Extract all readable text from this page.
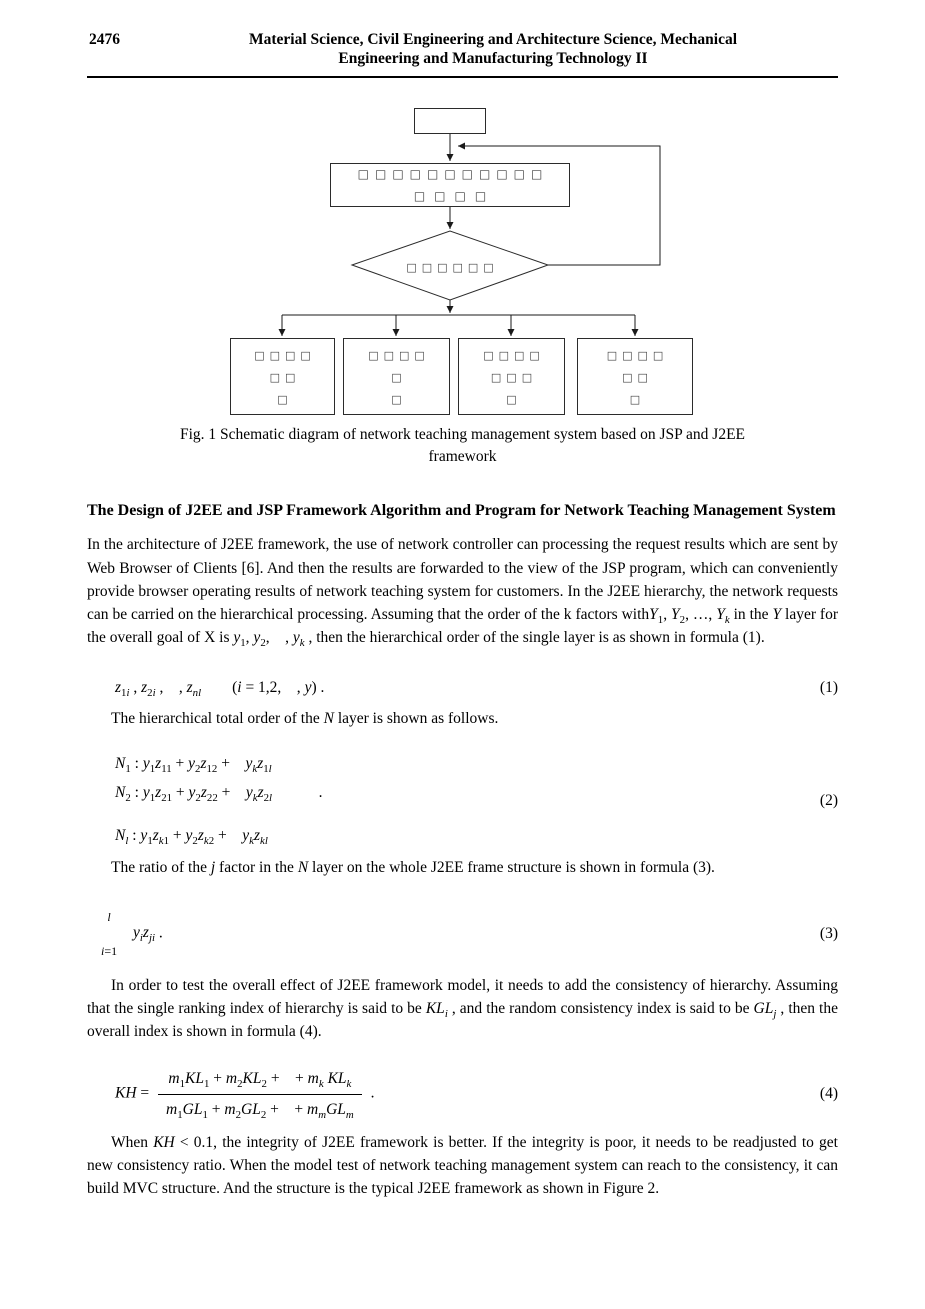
2476	Material Science, Civil Engineering and Architecture Science, Mechanical
Engineering and Manufacturing Technology II
□□□□□□□□□□□
□□□□
□□□□□□
□□□□
□□
□
□□□□
□
□
□□□□
□□□
□
□□□□
□□
□
Fig. 1 Schematic diagram of network teaching management system based on JSP and J2EE
framework
The Design of J2EE and JSP Framework Algorithm and Program for Network Teaching Management System

In the architecture of J2EE framework, the use of network controller can processing the request results which are sent by Web Browser of Clients [6]. And then the results are forwarded to the view of the JSP program, which can conveniently provide browser operating results of network teaching system for customers. In the J2EE hierarchy, the network requests can be carried on the hierarchical processing. Assuming that the order of the k factors withY$_1$, $Y_2$, …, $Y_k$ in the Y layer for the overall goal of X is $y_1$, $y_2$, , $y_k$ , then the hierarchical order of the single layer is as shown in formula (1).

$z_{1i}$ , $z_{2i}$ , , $z_{nl}$  (i = 1,2, , y) .	(1)

The hierarchical total order of the N layer is shown as follows.

$N_1$ : $y_1z_{11} + y_2z_{12}$ + $y_kz_{1l}$
$N_2$ : $y_1z_{21} + y_2z_{22}$ + $y_kz_{2l}$   .
$N_l$ : $y_1z_{k1} + y_2z_{k2}$ + $y_kz_{kl}$
(2)

The ratio of the j factor in the N layer on the whole J2EE frame structure is shown in formula (3).

l
i=1
$y_iz_{ji}$ .	(3)

In order to test the overall effect of J2EE framework model, it needs to add the consistency of hierarchy. Assuming that the single ranking index of hierarchy is said to be $KL_i$ , and the random consistency index is said to be $GL_j$ , then the overall index is shown in formula (4).

KH = $\frac{m_1KL_1 + m_2KL_2 + + m_k KL_k}{m_1GL_1 + m_2GL_2 + + m_mGL_m}$ .	(4)

When KH < 0.1, the integrity of J2EE framework is better. If the integrity is poor, it needs to be readjusted to get new consistency ratio. When the model test of network teaching management system can reach to the consistency, it can build MVC structure. And the structure is the typical J2EE framework as shown in Figure 2.
